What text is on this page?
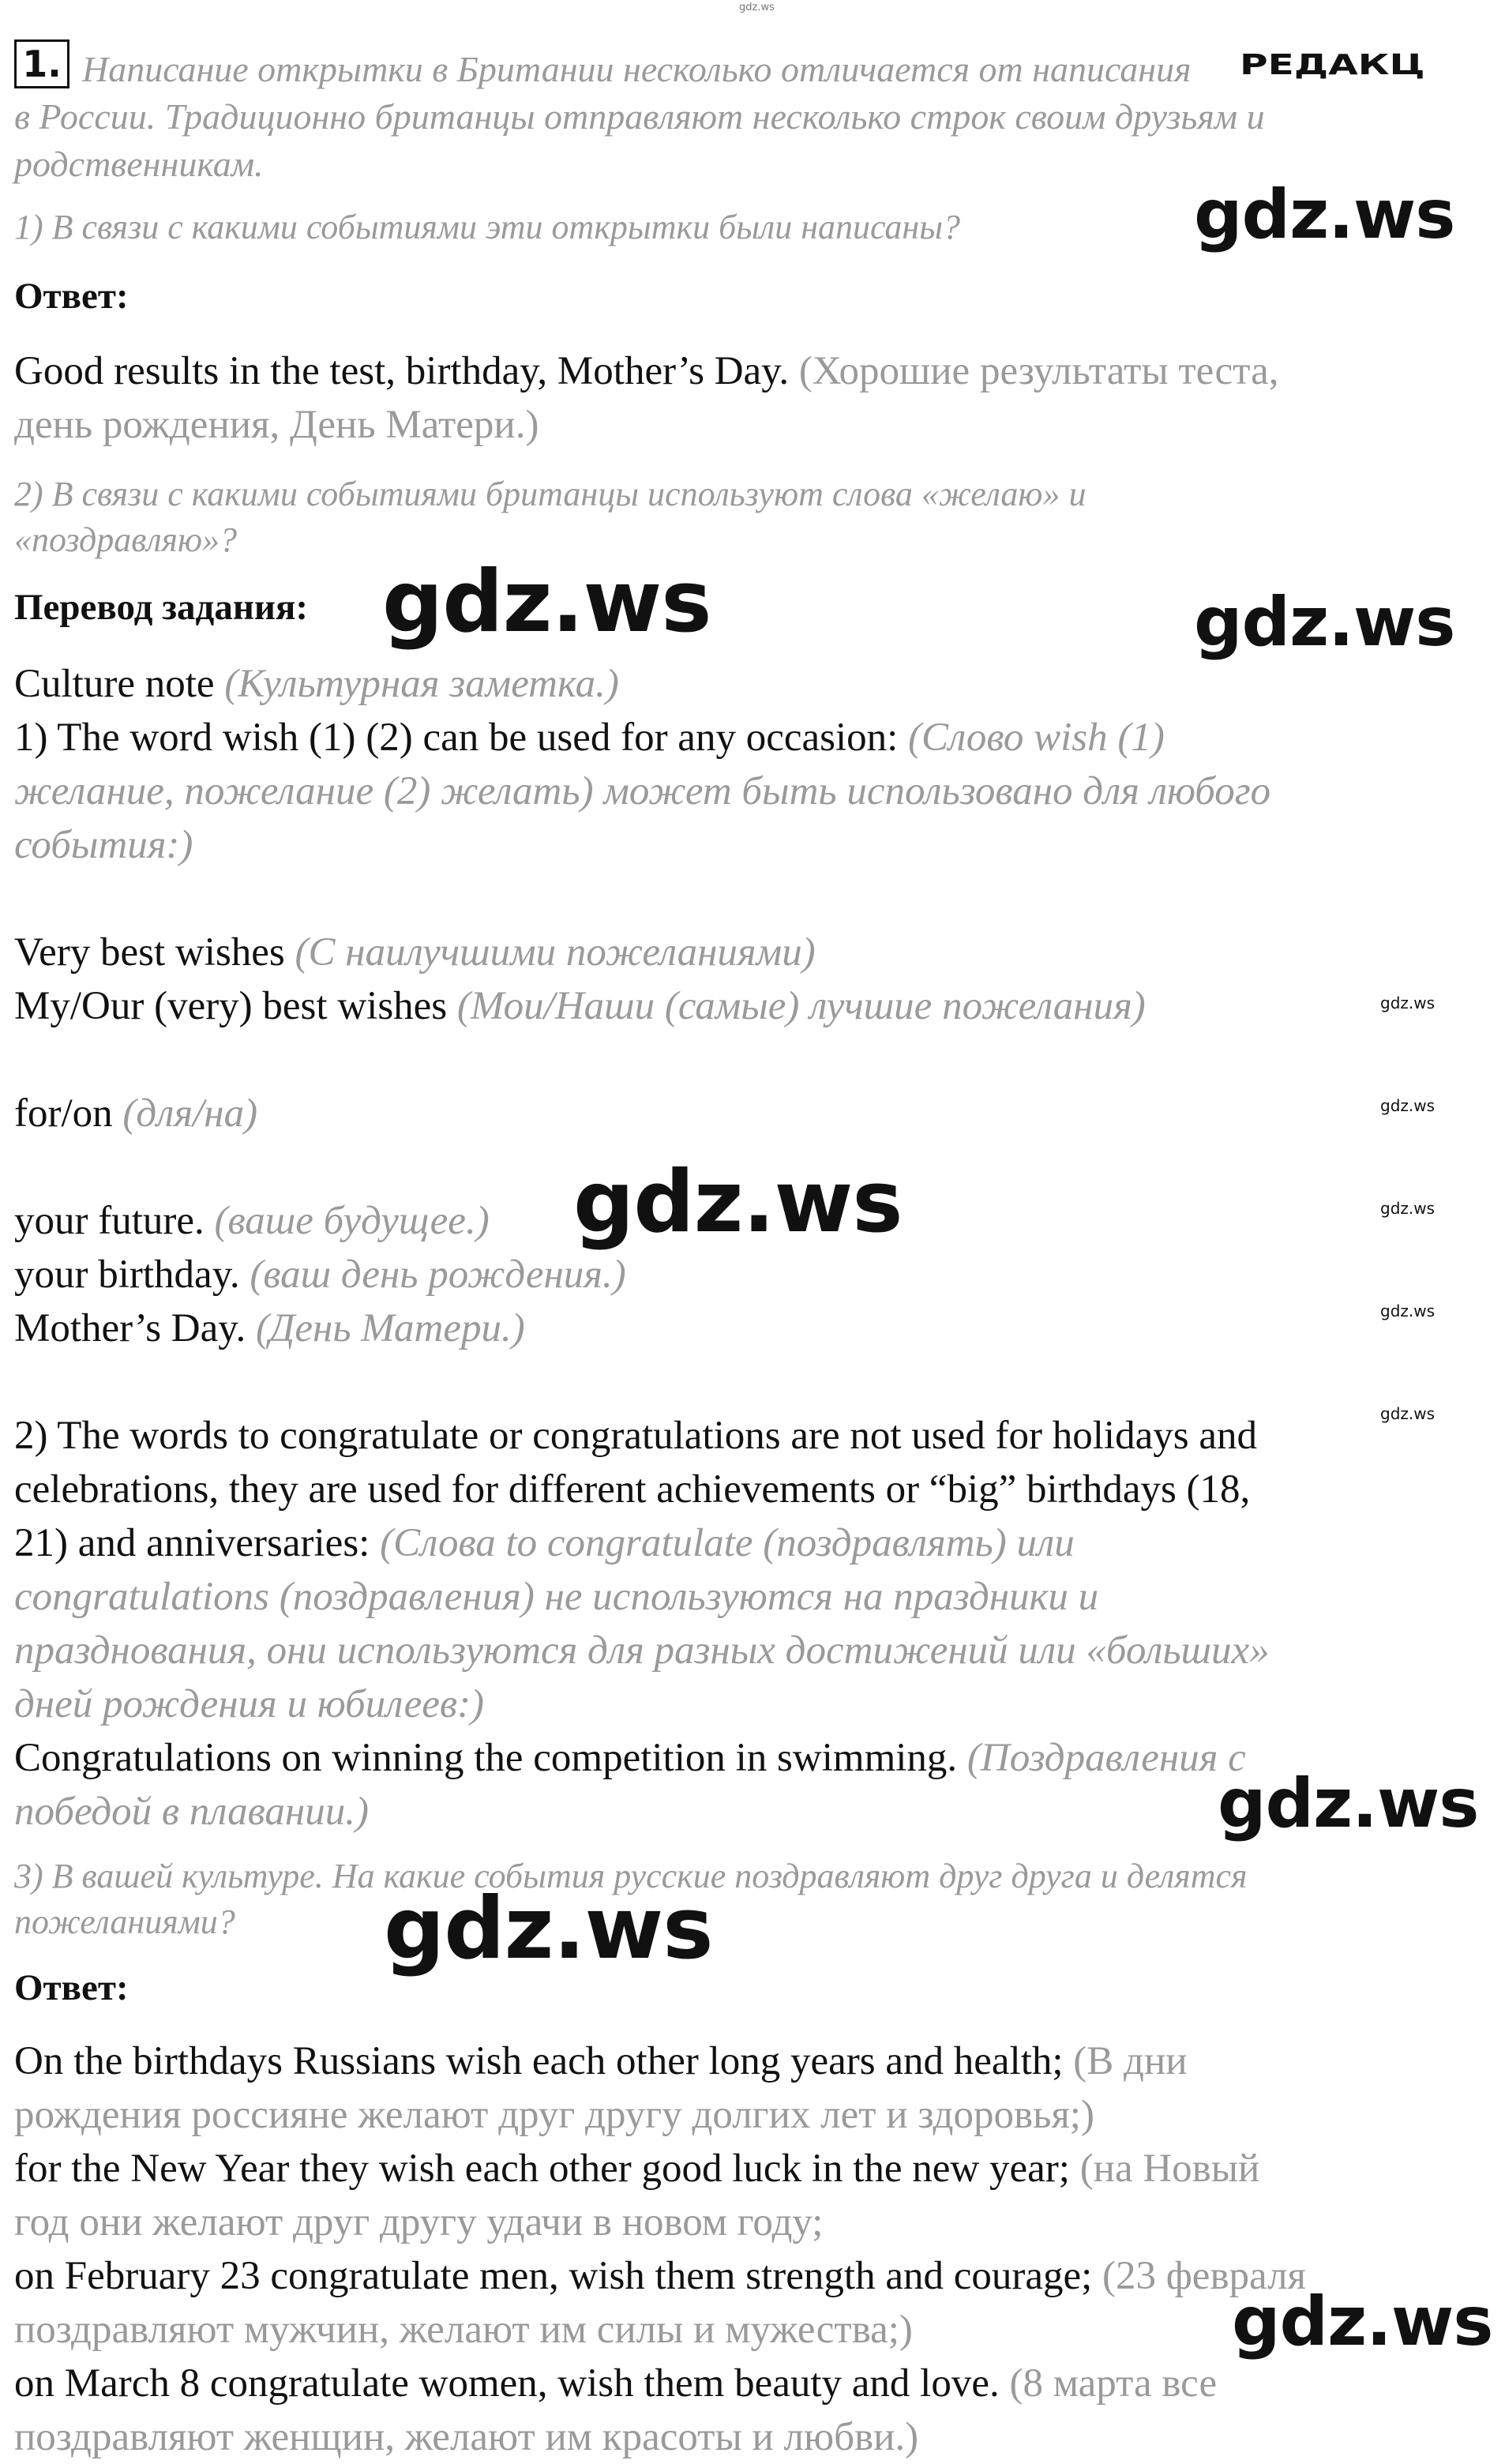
gdz.ws
1. Написание открытки в Британии несколько отличается от написания РЕДАКЦ
в России. Традиционно британцы отправляют несколько строк своим друзьям и
родственникам.
1) В связи с какими событиями эти открытки были написаны?	gdz.ws
Ответ:
Good results in the test, birthday, Mother’s Day. (Хорошие результаты теста,
день рождения, День Матери.)
2) В связи с какими событиями британцы используют слова «желаю» и
«поздравляю»?
Перевод задания: gdz.ws	gdz.ws
Culture note (Культурная заметка.)
1) The word wish (1) (2) can be used for any occasion: (Слово wish (1)
желание, пожелание (2) желать) может быть использовано для любого
события:)
Very best wishes (С наилучшими пожеланиями)
My/Our (very) best wishes (Мои/Наши (самые) лучшие пожелания)	gdz.ws
for/on (для/на)	gdz.ws
your future. (ваше будущее.) gdz.ws	gdz.ws
your birthday. (ваш день рождения.)
Mother’s Day. (День Матери.)	gdz.ws
gdz.ws
2) The words to congratulate or congratulations are not used for holidays and
celebrations, they are used for different achievements or “big” birthdays (18,
21) and anniversaries: (Слова to congratulate (поздравлять) или
congratulations (поздравления) не используются на праздники и
празднования, они используются для разных достижений или «больших»
дней рождения и юбилеев:)
Congratulations on winning the competition in swimming. (Поздравления с
победой в плавании.)	gdz.ws
3) В вашей культуре. На какие события русские поздравляют друг друга и делятся
пожеланиями? gdz.ws
Ответ:
On the birthdays Russians wish each other long years and health; (В дни
рождения россияне желают друг другу долгих лет и здоровья;)
for the New Year they wish each other good luck in the new year; (на Новый
год они желают друг другу удачи в новом году;
on February 23 congratulate men, wish them strength and courage; (23 февраля
поздравляют мужчин, желают им силы и мужества;)	gdz.ws
on March 8 congratulate women, wish them beauty and love. (8 марта все
поздравляют женщин, желают им красоты и любви.)
